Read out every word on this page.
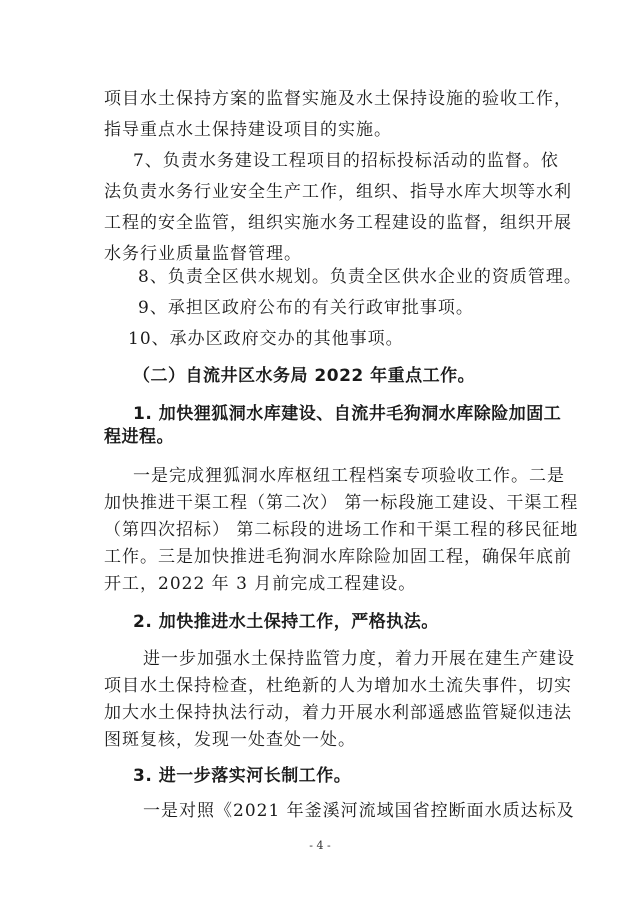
项目水土保持方案的监督实施及水土保持设施的验收工作，
指导重点水土保持建设项目的实施。
7、负责水务建设工程项目的招标投标活动的监督。依
法负责水务行业安全生产工作，组织、指导水库大坝等水利
工程的安全监管，组织实施水务工程建设的监督，组织开展
水务行业质量监督管理。
8、负责全区供水规划。负责全区供水企业的资质管理。
9、承担区政府公布的有关行政审批事项。
10、承办区政府交办的其他事项。
（二）自流井区水务局 2022 年重点工作。
1. 加快狸狐洞水库建设、自流井毛狗洞水库除险加固工
程进程。
一是完成狸狐洞水库枢纽工程档案专项验收工作。二是
加快推进干渠工程（第二次） 第一标段施工建设、干渠工程
（第四次招标） 第二标段的进场工作和干渠工程的移民征地
工作。三是加快推进毛狗洞水库除险加固工程，确保年底前
开工，2022 年 3 月前完成工程建设。
2. 加快推进水土保持工作，严格执法。
进一步加强水土保持监管力度，着力开展在建生产建设
项目水土保持检查，杜绝新的人为增加水土流失事件，切实
加大水土保持执法行动，着力开展水利部遥感监管疑似违法
图斑复核，发现一处查处一处。
3. 进一步落实河长制工作。
一是对照《2021 年釜溪河流域国省控断面水质达标及
- 4 -
